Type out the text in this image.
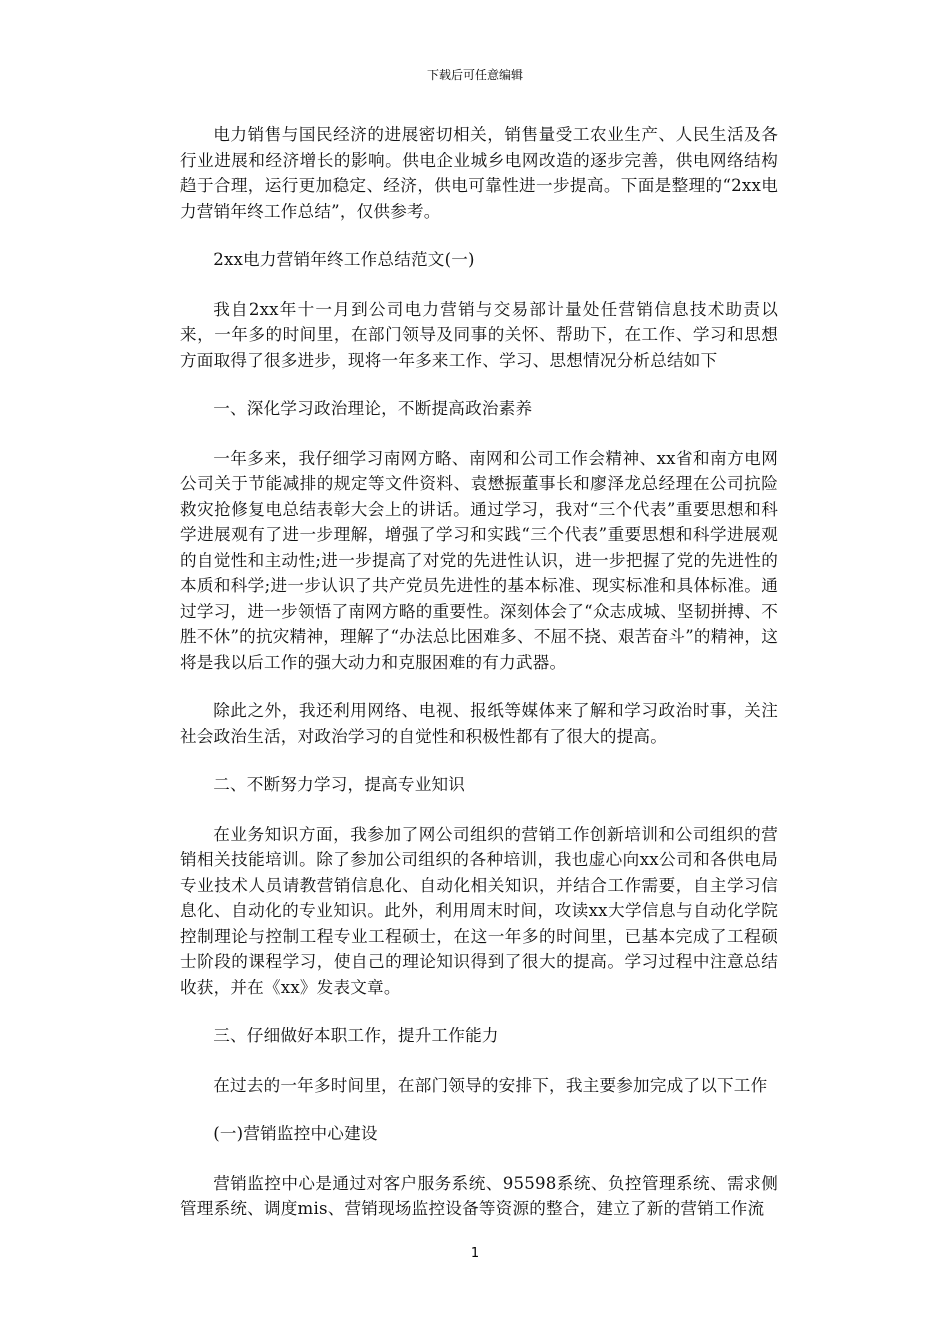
下载后可任意编辑

电力销售与国民经济的进展密切相关，销售量受工农业生产、人民生活及各行业进展和经济增长的影响。供电企业城乡电网改造的逐步完善，供电网络结构趋于合理，运行更加稳定、经济，供电可靠性进一步提高。下面是整理的“2xx电力营销年终工作总结”，仅供参考。

2xx电力营销年终工作总结范文(一)

我自2xx年十一月到公司电力营销与交易部计量处任营销信息技术助责以来，一年多的时间里，在部门领导及同事的关怀、帮助下，在工作、学习和思想方面取得了很多进步，现将一年多来工作、学习、思想情况分析总结如下

一、深化学习政治理论，不断提高政治素养

一年多来，我仔细学习南网方略、南网和公司工作会精神、xx省和南方电网公司关于节能减排的规定等文件资料、袁懋振董事长和廖泽龙总经理在公司抗险救灾抢修复电总结表彰大会上的讲话。通过学习，我对“三个代表”重要思想和科学进展观有了进一步理解，增强了学习和实践“三个代表”重要思想和科学进展观的自觉性和主动性;进一步提高了对党的先进性认识，进一步把握了党的先进性的本质和科学;进一步认识了共产党员先进性的基本标准、现实标准和具体标准。通过学习，进一步领悟了南网方略的重要性。深刻体会了“众志成城、坚韧拼搏、不胜不休”的抗灾精神，理解了“办法总比困难多、不屈不挠、艰苦奋斗”的精神，这将是我以后工作的强大动力和克服困难的有力武器。

除此之外，我还利用网络、电视、报纸等媒体来了解和学习政治时事，关注社会政治生活，对政治学习的自觉性和积极性都有了很大的提高。

二、不断努力学习，提高专业知识

在业务知识方面，我参加了网公司组织的营销工作创新培训和公司组织的营销相关技能培训。除了参加公司组织的各种培训，我也虚心向xx公司和各供电局专业技术人员请教营销信息化、自动化相关知识，并结合工作需要，自主学习信息化、自动化的专业知识。此外，利用周末时间，攻读xx大学信息与自动化学院控制理论与控制工程专业工程硕士，在这一年多的时间里，已基本完成了工程硕士阶段的课程学习，使自己的理论知识得到了很大的提高。学习过程中注意总结收获，并在《xx》发表文章。

三、仔细做好本职工作，提升工作能力

在过去的一年多时间里，在部门领导的安排下，我主要参加完成了以下工作

(一)营销监控中心建设

营销监控中心是通过对客户服务系统、95598系统、负控管理系统、需求侧管理系统、调度mis、营销现场监控设备等资源的整合，建立了新的营销工作流

1
